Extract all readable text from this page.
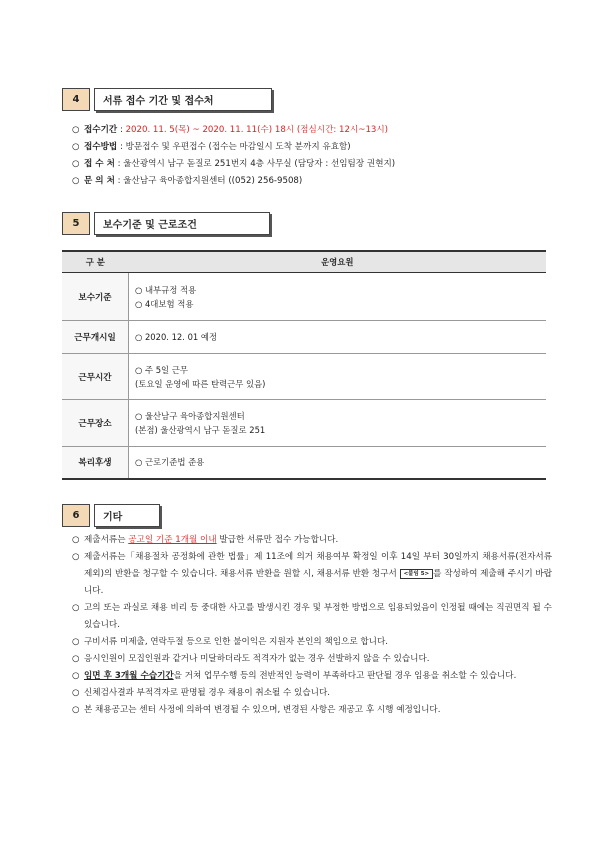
4	서류 접수 기간 및 접수처
○ 접수기간 : 2020. 11. 5(목) ~ 2020. 11. 11(수) 18시 (점심시간: 12시~13시)
○ 접수방법 : 방문접수 및 우편접수 (접수는 마감일시 도착 분까지 유효함)
○ 접 수 처 : 울산광역시 남구 돋질로 251번지 4층 사무실 (담당자 : 선임팀장 권현지)
○ 문 의 처 : 울산남구 육아종합지원센터 ((052) 256-9508)
5	보수기준 및 근로조건
구 분	운영요원
보수기준	○ 내부규정 적용
○ 4대보험 적용

근무개시일	○ 2020. 12. 01 예정

근무시간	○ 주 5일 근무
(토요일 운영에 따른 탄력근무 있음)

근무장소	○ 울산남구 육아종합지원센터
(본점) 울산광역시 남구 돋질로 251

복리후생	○ 근로기준법 준용
6	기타
○ 제출서류는 공고일 기준 1개월 이내 발급한 서류만 접수 가능합니다.
○ 제출서류는「채용절차 공정화에 관한 법률」제 11조에 의거 채용여부 확정일 이후 14일 부터 30일까지 채용서류(전자서류 제외)의 반환을 청구할 수 있습니다. 채용서류 반환을 원할 시, 채용서류 반환 청구서 <붙임 5> 를 작성하여 제출해 주시기 바랍니다.
○ 고의 또는 과실로 채용 비리 등 중대한 사고를 발생시킨 경우 및 부정한 방법으로 임용되었음이 인정될 때에는 직권면직 될 수 있습니다.
○ 구비서류 미제출, 연락두절 등으로 인한 불이익은 지원자 본인의 책임으로 합니다.
○ 응시인원이 모집인원과 같거나 미달하더라도 적격자가 없는 경우 선발하지 않을 수 있습니다.
○ 임면 후 3개월 수습기간을 거쳐 업무수행 등의 전반적인 능력이 부족하다고 판단될 경우 임용을 취소할 수 있습니다.
○ 신체검사결과 부적격자로 판명될 경우 채용이 취소될 수 있습니다.
○ 본 채용공고는 센터 사정에 의하여 변경될 수 있으며, 변경된 사항은 재공고 후 시행 예정입니다.
